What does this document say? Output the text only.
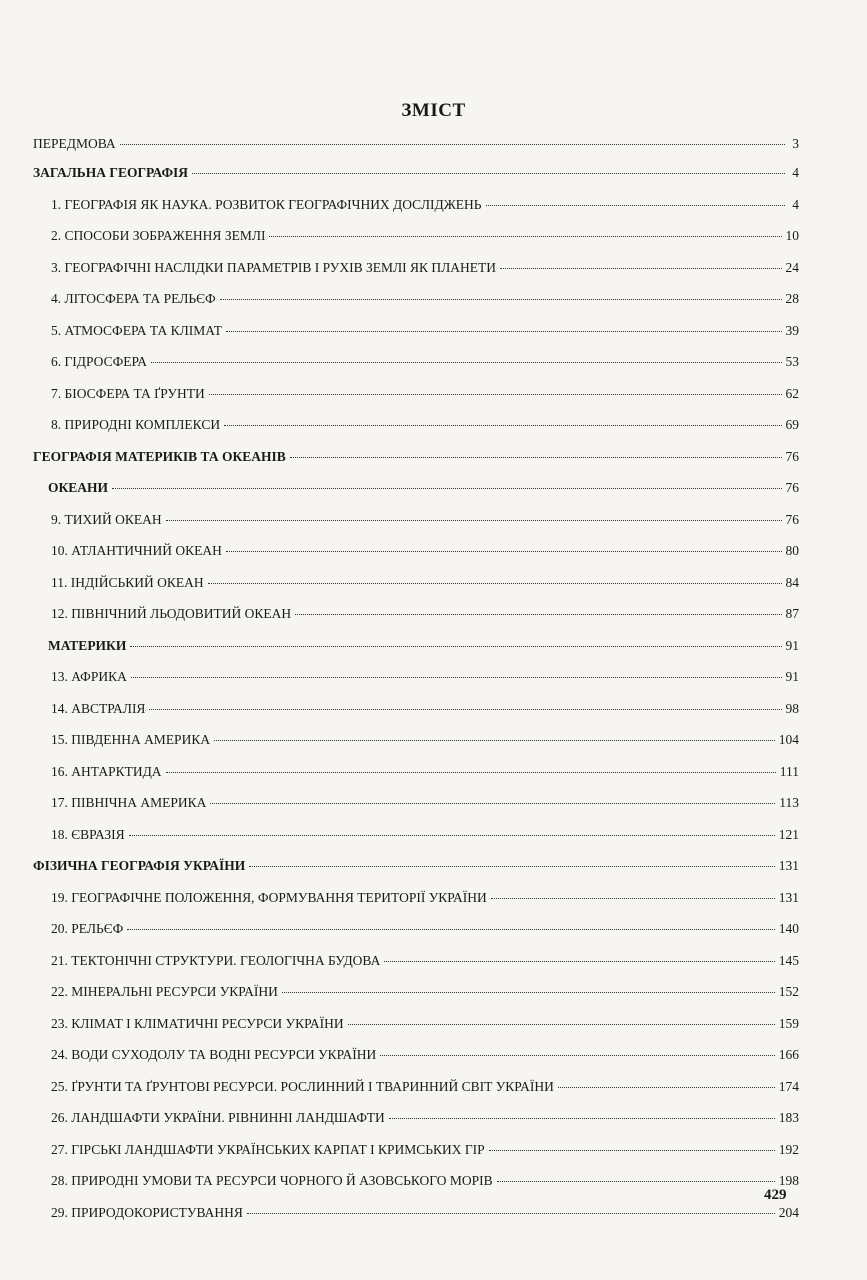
ЗМІСТ
ПЕРЕДМОВА	3
ЗАГАЛЬНА ГЕОГРАФІЯ	4
1. ГЕОГРАФІЯ ЯК НАУКА. РОЗВИТОК ГЕОГРАФІЧНИХ ДОСЛІДЖЕНЬ	4
2. СПОСОБИ ЗОБРАЖЕННЯ ЗЕМЛІ	10
3. ГЕОГРАФІЧНІ НАСЛІДКИ ПАРАМЕТРІВ І РУХІВ ЗЕМЛІ ЯК ПЛАНЕТИ	24
4. ЛІТОСФЕРА ТА РЕЛЬЄФ	28
5. АТМОСФЕРА ТА КЛІМАТ	39
6. ГІДРОСФЕРА	53
7. БІОСФЕРА ТА ҐРУНТИ	62
8. ПРИРОДНІ КОМПЛЕКСИ	69
ГЕОГРАФІЯ МАТЕРИКІВ ТА ОКЕАНІВ	76
ОКЕАНИ	76
9. ТИХИЙ ОКЕАН	76
10. АТЛАНТИЧНИЙ ОКЕАН	80
11. ІНДІЙСЬКИЙ ОКЕАН	84
12. ПІВНІЧНИЙ ЛЬОДОВИТИЙ ОКЕАН	87
МАТЕРИКИ	91
13. АФРИКА	91
14. АВСТРАЛІЯ	98
15. ПІВДЕННА АМЕРИКА	104
16. АНТАРКТИДА	111
17. ПІВНІЧНА АМЕРИКА	113
18. ЄВРАЗІЯ	121
ФІЗИЧНА ГЕОГРАФІЯ УКРАЇНИ	131
19. ГЕОГРАФІЧНЕ ПОЛОЖЕННЯ, ФОРМУВАННЯ ТЕРИТОРІЇ УКРАЇНИ	131
20. РЕЛЬЄФ	140
21. ТЕКТОНІЧНІ СТРУКТУРИ. ГЕОЛОГІЧНА БУДОВА	145
22. МІНЕРАЛЬНІ РЕСУРСИ УКРАЇНИ	152
23. КЛІМАТ І КЛІМАТИЧНІ РЕСУРСИ УКРАЇНИ	159
24. ВОДИ СУХОДОЛУ ТА ВОДНІ РЕСУРСИ УКРАЇНИ	166
25. ҐРУНТИ ТА ҐРУНТОВІ РЕСУРСИ. РОСЛИННИЙ І ТВАРИННИЙ СВІТ УКРАЇНИ	174
26. ЛАНДШАФТИ УКРАЇНИ. РІВНИННІ ЛАНДШАФТИ	183
27. ГІРСЬКІ ЛАНДШАФТИ УКРАЇНСЬКИХ КАРПАТ І КРИМСЬКИХ ГІР	192
28. ПРИРОДНІ УМОВИ ТА РЕСУРСИ ЧОРНОГО Й АЗОВСЬКОГО МОРІВ	198
29. ПРИРОДОКОРИСТУВАННЯ	204
429
